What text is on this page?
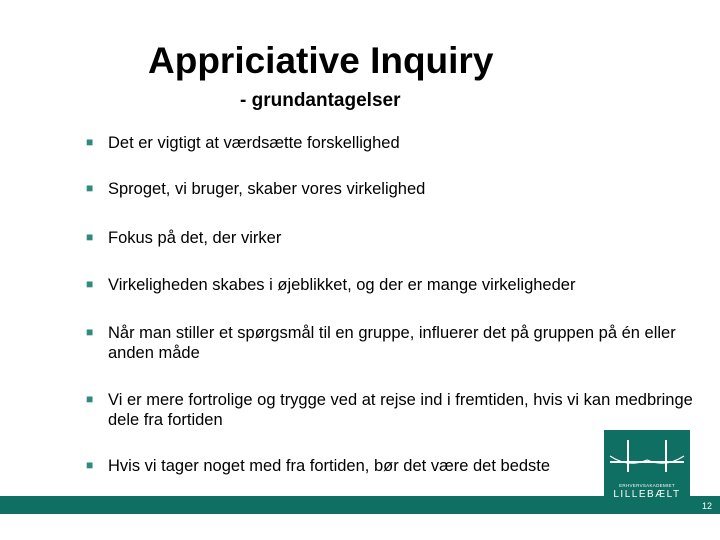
Appriciative Inquiry
- grundantagelser
■ Det er vigtigt at værdsætte forskellighed
■ Sproget, vi bruger, skaber vores virkelighed
■ Fokus på det, der virker
■ Virkeligheden skabes i øjeblikket, og der er mange virkeligheder
■ Når man stiller et spørgsmål til en gruppe, influerer det på gruppen på én eller anden måde
■ Vi er mere fortrolige og trygge ved at rejse ind i fremtiden, hvis vi kan medbringe dele fra fortiden
■ Hvis vi tager noget med fra fortiden, bør det være det bedste
12
ERHVERVSAKADEMIET
LILLEBÆLT
